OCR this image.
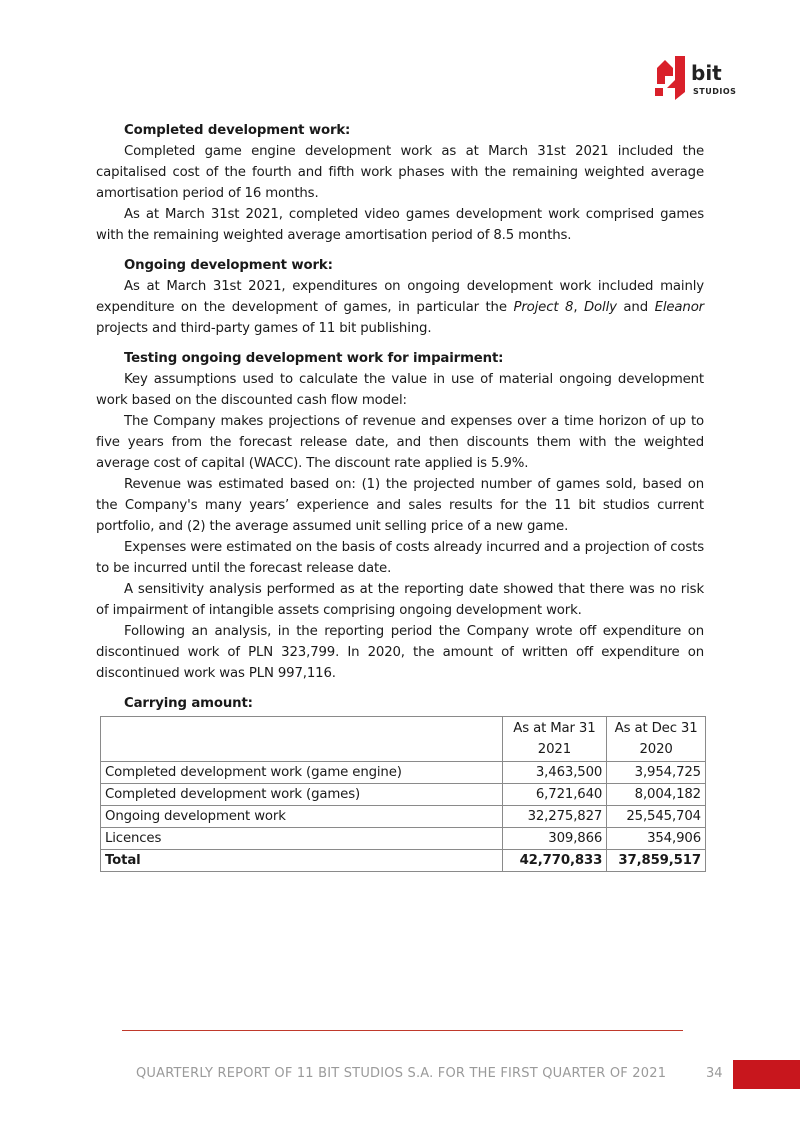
bit
STUDIOS

Completed development work:

Completed game engine development work as at March 31st 2021 included the capitalised cost of the fourth and fifth work phases with the remaining weighted average amortisation period of 16 months.

As at March 31st 2021, completed video games development work comprised games with the remaining weighted average amortisation period of 8.5 months.

Ongoing development work:

As at March 31st 2021, expenditures on ongoing development work included mainly expenditure on the development of games, in particular the Project 8, Dolly and Eleanor projects and third-party games of 11 bit publishing.

Testing ongoing development work for impairment:

Key assumptions used to calculate the value in use of material ongoing development work based on the discounted cash flow model:

The Company makes projections of revenue and expenses over a time horizon of up to five years from the forecast release date, and then discounts them with the weighted average cost of capital (WACC). The discount rate applied is 5.9%.

Revenue was estimated based on: (1) the projected number of games sold, based on the Company's many years’ experience and sales results for the 11 bit studios current portfolio, and (2) the average assumed unit selling price of a new game.

Expenses were estimated on the basis of costs already incurred and a projection of costs to be incurred until the forecast release date.

A sensitivity analysis performed as at the reporting date showed that there was no risk of impairment of intangible assets comprising ongoing development work.

Following an analysis, in the reporting period the Company wrote off expenditure on discontinued work of PLN 323,799. In 2020, the amount of written off expenditure on discontinued work was PLN 997,116.

Carrying amount:

	As at Mar 31 2021	As at Dec 31 2020
Completed development work (game engine)	3,463,500	3,954,725
Completed development work (games)	6,721,640	8,004,182
Ongoing development work	32,275,827	25,545,704
Licences	309,866	354,906
Total	42,770,833	37,859,517
QUARTERLY REPORT OF 11 BIT STUDIOS S.A. FOR THE FIRST QUARTER OF 2021	34
